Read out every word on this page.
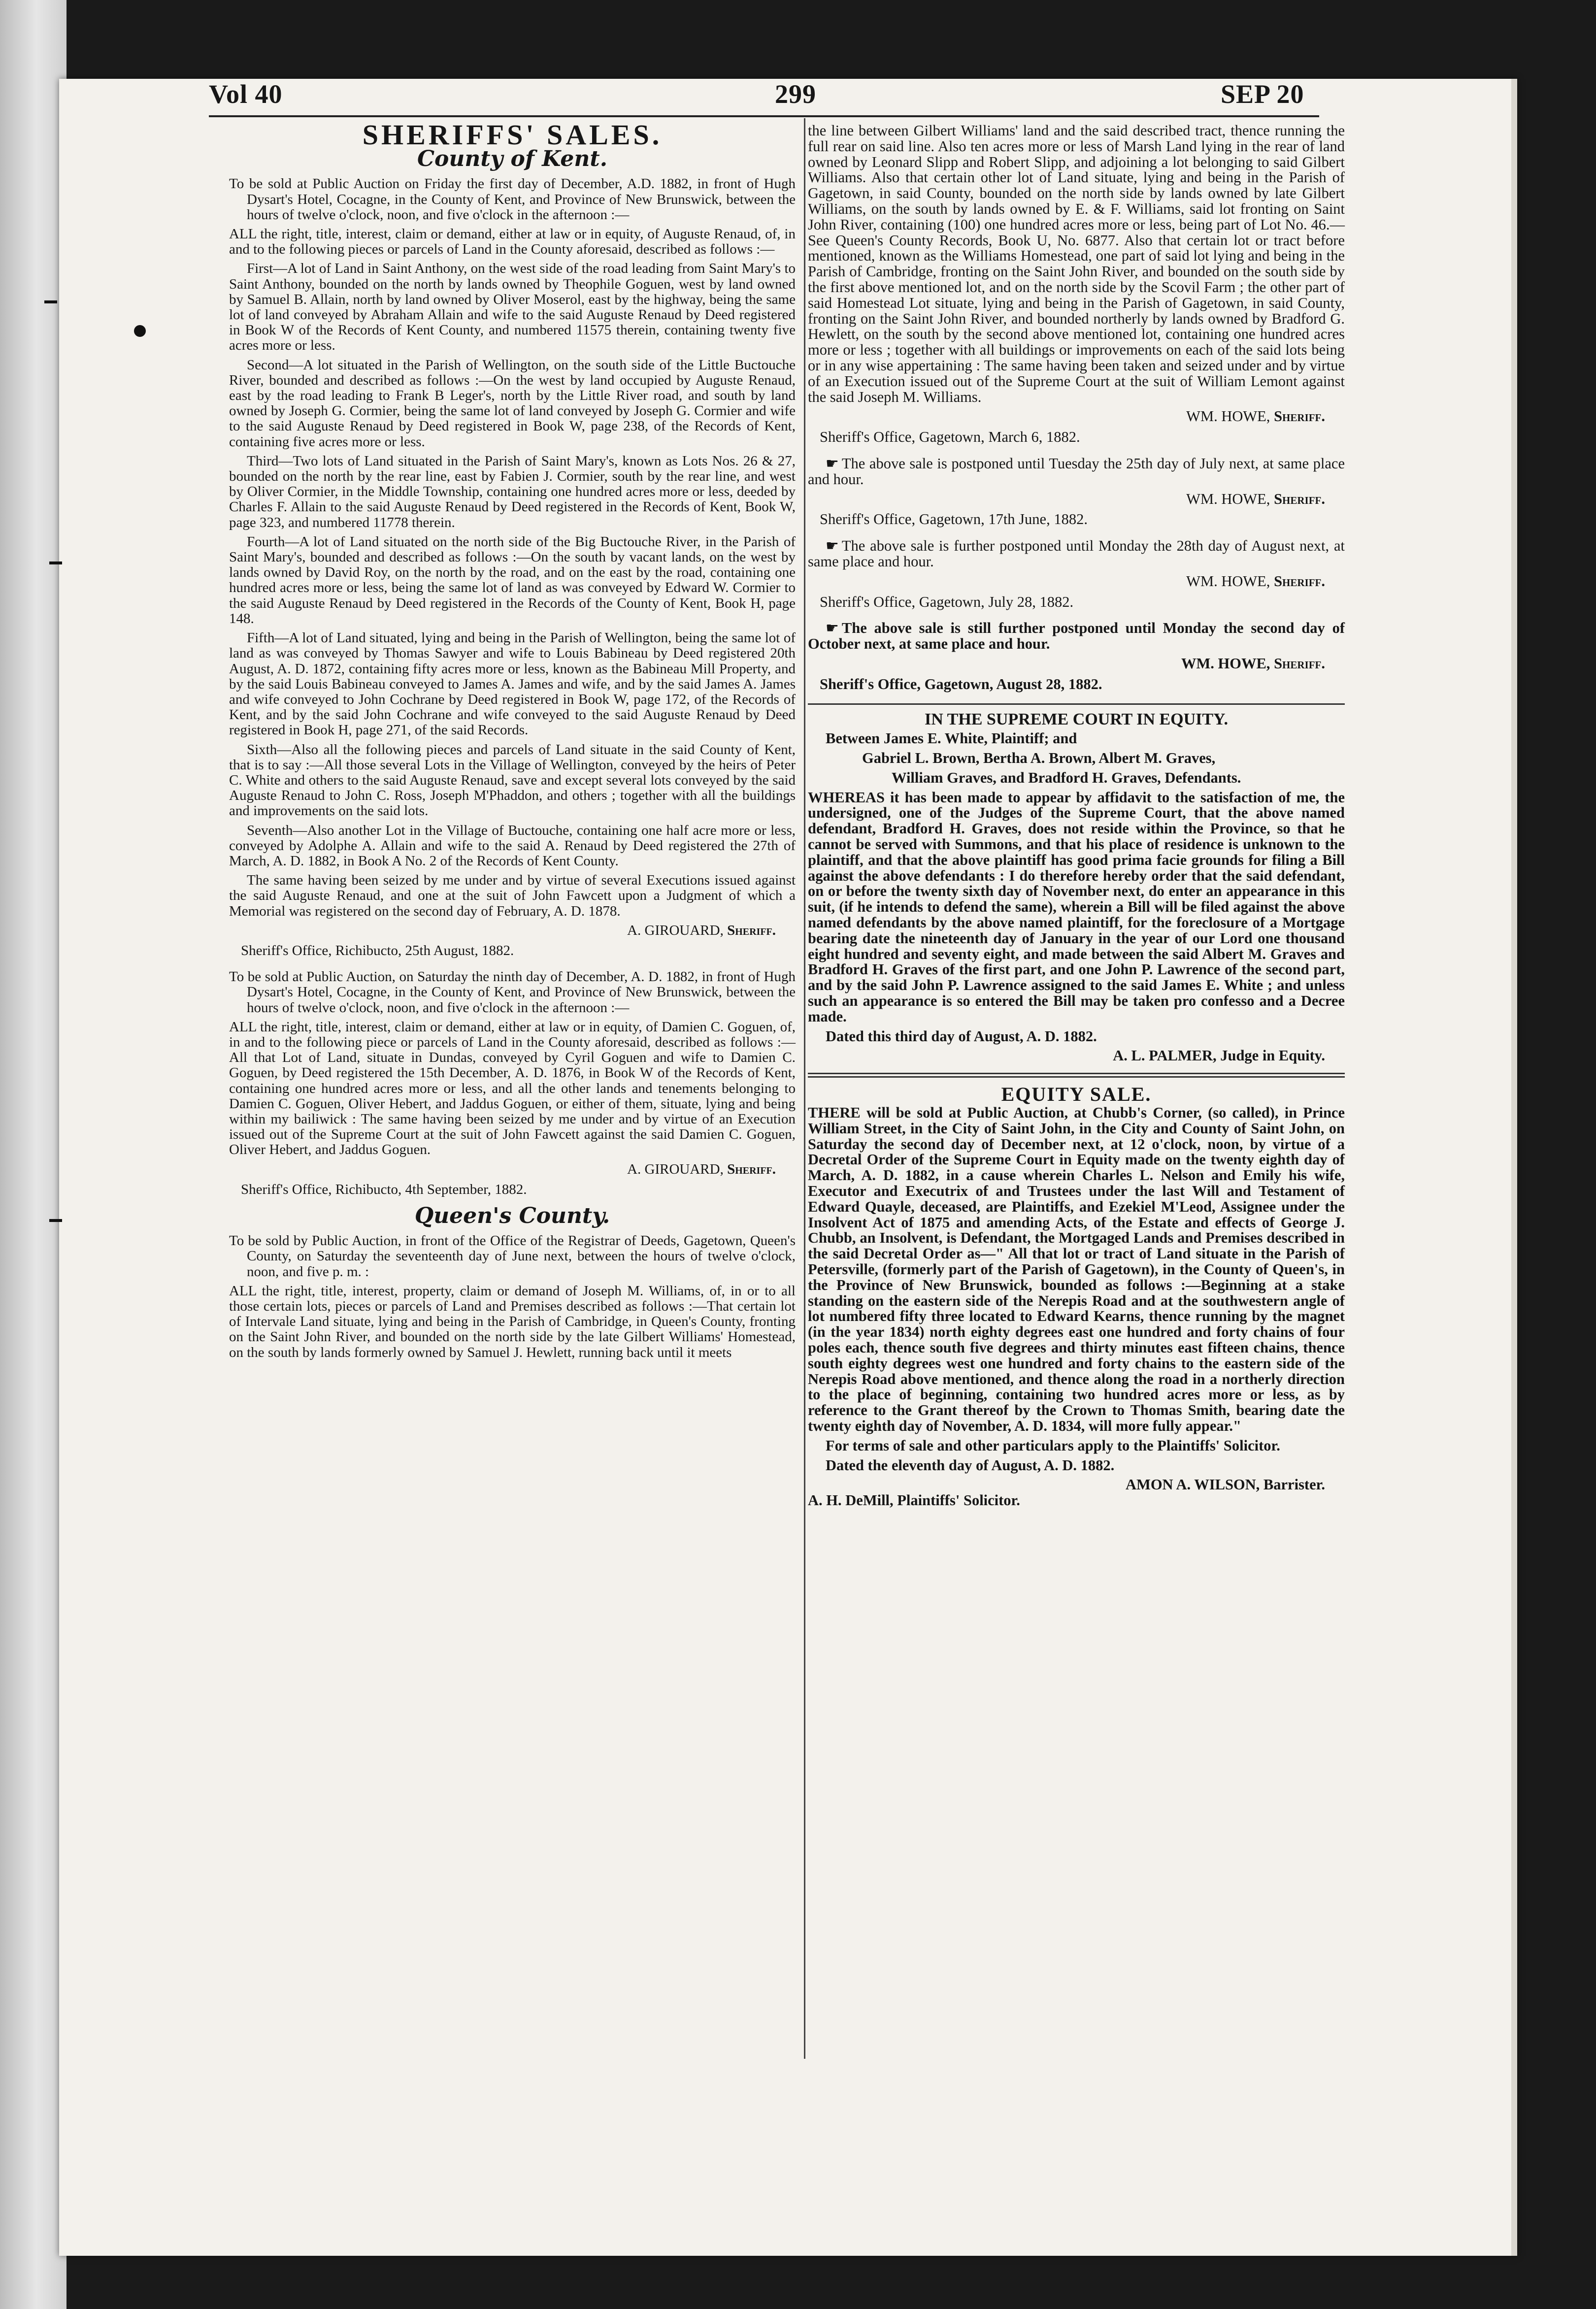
Vol 40	299	SEP 20
SHERIFFS' SALES.
County of Kent.

To be sold at Public Auction on Friday the first day of December, A.D. 1882, in front of Hugh Dysart's Hotel, Cocagne, in the County of Kent, and Province of New Brunswick, between the hours of twelve o'clock, noon, and five o'clock in the afternoon :—

ALL the right, title, interest, claim or demand, either at law or in equity, of Auguste Renaud, of, in and to the following pieces or parcels of Land in the County aforesaid, described as follows :—

First—A lot of Land in Saint Anthony, on the west side of the road leading from Saint Mary's to Saint Anthony, bounded on the north by lands owned by Theophile Goguen, west by land owned by Samuel B. Allain, north by land owned by Oliver Moserol, east by the highway, being the same lot of land conveyed by Abraham Allain and wife to the said Auguste Renaud by Deed registered in Book W of the Records of Kent County, and numbered 11575 therein, containing twenty five acres more or less.

Second—A lot situated in the Parish of Wellington, on the south side of the Little Buctouche River, bounded and described as follows :—On the west by land occupied by Auguste Renaud, east by the road leading to Frank B Leger's, north by the Little River road, and south by land owned by Joseph G. Cormier, being the same lot of land conveyed by Joseph G. Cormier and wife to the said Auguste Renaud by Deed registered in Book W, page 238, of the Records of Kent, containing five acres more or less.

Third—Two lots of Land situated in the Parish of Saint Mary's, known as Lots Nos. 26 & 27, bounded on the north by the rear line, east by Fabien J. Cormier, south by the rear line, and west by Oliver Cormier, in the Middle Township, containing one hundred acres more or less, deeded by Charles F. Allain to the said Auguste Renaud by Deed registered in the Records of Kent, Book W, page 323, and numbered 11778 therein.

Fourth—A lot of Land situated on the north side of the Big Buctouche River, in the Parish of Saint Mary's, bounded and described as follows :—On the south by vacant lands, on the west by lands owned by David Roy, on the north by the road, and on the east by the road, containing one hundred acres more or less, being the same lot of land as was conveyed by Edward W. Cormier to the said Auguste Renaud by Deed registered in the Records of the County of Kent, Book H, page 148.

Fifth—A lot of Land situated, lying and being in the Parish of Wellington, being the same lot of land as was conveyed by Thomas Sawyer and wife to Louis Babineau by Deed registered 20th August, A. D. 1872, containing fifty acres more or less, known as the Babineau Mill Property, and by the said Louis Babineau conveyed to James A. James and wife, and by the said James A. James and wife conveyed to John Cochrane by Deed registered in Book W, page 172, of the Records of Kent, and by the said John Cochrane and wife conveyed to the said Auguste Renaud by Deed registered in Book H, page 271, of the said Records.

Sixth—Also all the following pieces and parcels of Land situate in the said County of Kent, that is to say :—All those several Lots in the Village of Wellington, conveyed by the heirs of Peter C. White and others to the said Auguste Renaud, save and except several lots conveyed by the said Auguste Renaud to John C. Ross, Joseph M'Phaddon, and others ; together with all the buildings and improvements on the said lots.

Seventh—Also another Lot in the Village of Buctouche, containing one half acre more or less, conveyed by Adolphe A. Allain and wife to the said A. Renaud by Deed registered the 27th of March, A. D. 1882, in Book A No. 2 of the Records of Kent County.

The same having been seized by me under and by virtue of several Executions issued against the said Auguste Renaud, and one at the suit of John Fawcett upon a Judgment of which a Memorial was registered on the second day of February, A. D. 1878.

A. GIROUARD, Sheriff.

Sheriff's Office, Richibucto, 25th August, 1882.

To be sold at Public Auction, on Saturday the ninth day of December, A. D. 1882, in front of Hugh Dysart's Hotel, Cocagne, in the County of Kent, and Province of New Brunswick, between the hours of twelve o'clock, noon, and five o'clock in the afternoon :—

ALL the right, title, interest, claim or demand, either at law or in equity, of Damien C. Goguen, of, in and to the following piece or parcels of Land in the County aforesaid, described as follows :—All that Lot of Land, situate in Dundas, conveyed by Cyril Goguen and wife to Damien C. Goguen, by Deed registered the 15th December, A. D. 1876, in Book W of the Records of Kent, containing one hundred acres more or less, and all the other lands and tenements belonging to Damien C. Goguen, Oliver Hebert, and Jaddus Goguen, or either of them, situate, lying and being within my bailiwick : The same having been seized by me under and by virtue of an Execution issued out of the Supreme Court at the suit of John Fawcett against the said Damien C. Goguen, Oliver Hebert, and Jaddus Goguen.

A. GIROUARD, Sheriff.

Sheriff's Office, Richibucto, 4th September, 1882.

Queen's County.

To be sold by Public Auction, in front of the Office of the Registrar of Deeds, Gagetown, Queen's County, on Saturday the seventeenth day of June next, between the hours of twelve o'clock, noon, and five p. m. :

ALL the right, title, interest, property, claim or demand of Joseph M. Williams, of, in or to all those certain lots, pieces or parcels of Land and Premises described as follows :—That certain lot of Intervale Land situate, lying and being in the Parish of Cambridge, in Queen's County, fronting on the Saint John River, and bounded on the north side by the late Gilbert Williams' Homestead, on the south by lands formerly owned by Samuel J. Hewlett, running back until it meets

the line between Gilbert Williams' land and the said described tract, thence running the full rear on said line. Also ten acres more or less of Marsh Land lying in the rear of land owned by Leonard Slipp and Robert Slipp, and adjoining a lot belonging to said Gilbert Williams. Also that certain other lot of Land situate, lying and being in the Parish of Gagetown, in said County, bounded on the north side by lands owned by late Gilbert Williams, on the south by lands owned by E. & F. Williams, said lot fronting on Saint John River, containing (100) one hundred acres more or less, being part of Lot No. 46.—See Queen's County Records, Book U, No. 6877. Also that certain lot or tract before mentioned, known as the Williams Homestead, one part of said lot lying and being in the Parish of Cambridge, fronting on the Saint John River, and bounded on the south side by the first above mentioned lot, and on the north side by the Scovil Farm ; the other part of said Homestead Lot situate, lying and being in the Parish of Gagetown, in said County, fronting on the Saint John River, and bounded northerly by lands owned by Bradford G. Hewlett, on the south by the second above mentioned lot, containing one hundred acres more or less ; together with all buildings or improvements on each of the said lots being or in any wise appertaining : The same having been taken and seized under and by virtue of an Execution issued out of the Supreme Court at the suit of William Lemont against the said Joseph M. Williams.

WM. HOWE, Sheriff.

Sheriff's Office, Gagetown, March 6, 1882.

☛ The above sale is postponed until Tuesday the 25th day of July next, at same place and hour.

WM. HOWE, Sheriff.

Sheriff's Office, Gagetown, 17th June, 1882.

☛ The above sale is further postponed until Monday the 28th day of August next, at same place and hour.

WM. HOWE, Sheriff.

Sheriff's Office, Gagetown, July 28, 1882.

☛ The above sale is still further postponed until Monday the second day of October next, at same place and hour.

WM. HOWE, Sheriff.

Sheriff's Office, Gagetown, August 28, 1882.

IN THE SUPREME COURT IN EQUITY.

Between James E. White, Plaintiff; and

Gabriel L. Brown, Bertha A. Brown, Albert M. Graves,

William Graves, and Bradford H. Graves, Defendants.

WHEREAS it has been made to appear by affidavit to the satisfaction of me, the undersigned, one of the Judges of the Supreme Court, that the above named defendant, Bradford H. Graves, does not reside within the Province, so that he cannot be served with Summons, and that his place of residence is unknown to the plaintiff, and that the above plaintiff has good prima facie grounds for filing a Bill against the above defendants : I do therefore hereby order that the said defendant, on or before the twenty sixth day of November next, do enter an appearance in this suit, (if he intends to defend the same), wherein a Bill will be filed against the above named defendants by the above named plaintiff, for the foreclosure of a Mortgage bearing date the nineteenth day of January in the year of our Lord one thousand eight hundred and seventy eight, and made between the said Albert M. Graves and Bradford H. Graves of the first part, and one John P. Lawrence of the second part, and by the said John P. Lawrence assigned to the said James E. White ; and unless such an appearance is so entered the Bill may be taken pro confesso and a Decree made.

Dated this third day of August, A. D. 1882.

A. L. PALMER, Judge in Equity.

EQUITY SALE.

THERE will be sold at Public Auction, at Chubb's Corner, (so called), in Prince William Street, in the City of Saint John, in the City and County of Saint John, on Saturday the second day of December next, at 12 o'clock, noon, by virtue of a Decretal Order of the Supreme Court in Equity made on the twenty eighth day of March, A. D. 1882, in a cause wherein Charles L. Nelson and Emily his wife, Executor and Executrix of and Trustees under the last Will and Testament of Edward Quayle, deceased, are Plaintiffs, and Ezekiel M'Leod, Assignee under the Insolvent Act of 1875 and amending Acts, of the Estate and effects of George J. Chubb, an Insolvent, is Defendant, the Mortgaged Lands and Premises described in the said Decretal Order as—" All that lot or tract of Land situate in the Parish of Petersville, (formerly part of the Parish of Gagetown), in the County of Queen's, in the Province of New Brunswick, bounded as follows :—Beginning at a stake standing on the eastern side of the Nerepis Road and at the southwestern angle of lot numbered fifty three located to Edward Kearns, thence running by the magnet (in the year 1834) north eighty degrees east one hundred and forty chains of four poles each, thence south five degrees and thirty minutes east fifteen chains, thence south eighty degrees west one hundred and forty chains to the eastern side of the Nerepis Road above mentioned, and thence along the road in a northerly direction to the place of beginning, containing two hundred acres more or less, as by reference to the Grant thereof by the Crown to Thomas Smith, bearing date the twenty eighth day of November, A. D. 1834, will more fully appear."

For terms of sale and other particulars apply to the Plaintiffs' Solicitor.

Dated the eleventh day of August, A. D. 1882.

AMON A. WILSON, Barrister.

A. H. DeMill, Plaintiffs' Solicitor.
